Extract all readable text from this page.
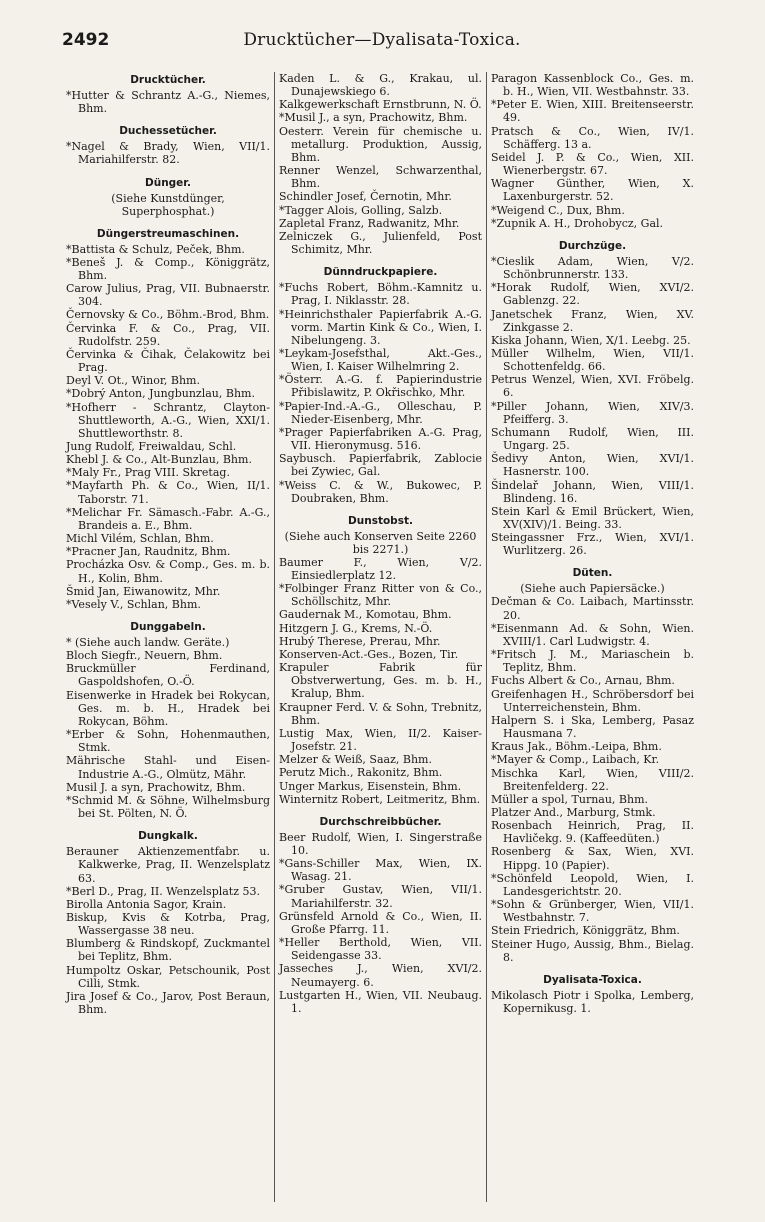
2492	Drucktücher—Dyalisata-Toxica.
Drucktücher.
*Hutter & Schrantz A.-G., Niemes, Bhm.
Duchessetücher.
*Nagel & Brady, Wien, VII/1. Mariahilferstr. 82.
Dünger.
(Siehe Kunstdünger, Superphosphat.)
Düngerstreumaschinen.
*Battista & Schulz, Peček, Bhm.
*Beneš J. & Comp., Königgrätz, Bhm.
Carow Julius, Prag, VII. Bubnaerstr. 304.
Černovsky & Co., Böhm.-Brod, Bhm.
Červinka F. & Co., Prag, VII. Rudolfstr. 259.
Červinka & Čihak, Čelakowitz bei Prag.
Deyl V. Ot., Winor, Bhm.
*Dobrý Anton, Jungbunzlau, Bhm.
*Hofherr - Schrantz, Clayton-Shuttleworth, A.-G., Wien, XXI/1. Shuttleworthstr. 8.
Jung Rudolf, Freiwaldau, Schl.
Khebl J. & Co., Alt-Bunzlau, Bhm.
*Maly Fr., Prag VIII. Skretag.
*Mayfarth Ph. & Co., Wien, II/1. Taborstr. 71.
*Melichar Fr. Sämasch.-Fabr. A.-G., Brandeis a. E., Bhm.
Michl Vilém, Schlan, Bhm.
*Pracner Jan, Raudnitz, Bhm.
Procházka Osv. & Comp., Ges. m. b. H., Kolin, Bhm.
Šmid Jan, Eiwanowitz, Mhr.
*Vesely V., Schlan, Bhm.
Dunggabeln.
* (Siehe auch landw. Geräte.)
Bloch Siegfr., Neuern, Bhm.
Bruckmüller Ferdinand, Gaspoldshofen, O.-Ö.
Eisenwerke in Hradek bei Rokycan, Ges. m. b. H., Hradek bei Rokycan, Böhm.
*Erber & Sohn, Hohenmauthen, Stmk.
Mährische Stahl- und Eisen-Industrie A.-G., Olmütz, Mähr.
Musil J. a syn, Prachowitz, Bhm.
*Schmid M. & Söhne, Wilhelmsburg bei St. Pölten, N. Ö.
Dungkalk.
Berauner Aktienzementfabr. u. Kalkwerke, Prag, II. Wenzelsplatz 63.
*Berl D., Prag, II. Wenzelsplatz 53.
Birolla Antonia Sagor, Krain.
Biskup, Kvis & Kotrba, Prag, Wassergasse 38 neu.
Blumberg & Rindskopf, Zuckmantel bei Teplitz, Bhm.
Humpoltz Oskar, Petschounik, Post Cilli, Stmk.
Jira Josef & Co., Jarov, Post Beraun, Bhm.
Kaden L. & G., Krakau, ul. Dunajewskiego 6.
Kalkgewerkschaft Ernstbrunn, N. Ö.
*Musil J., a syn, Prachowitz, Bhm.
Oesterr. Verein für chemische u. metallurg. Produktion, Aussig, Bhm.
Renner Wenzel, Schwarzenthal, Bhm.
Schindler Josef, Černotin, Mhr.
*Tagger Alois, Golling, Salzb.
Zapletal Franz, Radwanitz, Mhr.
Zelniczek G., Julienfeld, Post Schimitz, Mhr.
Dünndruckpapiere.
*Fuchs Robert, Böhm.-Kamnitz u. Prag, I. Niklasstr. 28.
*Heinrichsthaler Papierfabrik A.-G. vorm. Martin Kink & Co., Wien, I. Nibelungeng. 3.
*Leykam-Josefsthal, Akt.-Ges., Wien, I. Kaiser Wilhelmring 2.
*Österr. A.-G. f. Papierindustrie Přibislawitz, P. Okřischko, Mhr.
*Papier-Ind.-A.-G., Olleschau, P. Nieder-Eisenberg, Mhr.
*Prager Papierfabriken A.-G. Prag, VII. Hieronymusg. 516.
Saybusch. Papierfabrik, Zablocie bei Zywiec, Gal.
*Weiss C. & W., Bukowec, P. Doubraken, Bhm.
Dunstobst.
(Siehe auch Konserven Seite 2260 bis 2271.)
Baumer F., Wien, V/2. Einsiedlerplatz 12.
*Folbinger Franz Ritter von & Co., Schöllschitz, Mhr.
Gaudernak M., Komotau, Bhm.
Hitzgern J. G., Krems, N.-Ö.
Hrubý Therese, Prerau, Mhr.
Konserven-Act.-Ges., Bozen, Tir.
Krapuler Fabrik für Obstverwertung, Ges. m. b. H., Kralup, Bhm.
Kraupner Ferd. V. & Sohn, Trebnitz, Bhm.
Lustig Max, Wien, II/2. Kaiser-Josefstr. 21.
Melzer & Weiß, Saaz, Bhm.
Perutz Mich., Rakonitz, Bhm.
Unger Markus, Eisenstein, Bhm.
Winternitz Robert, Leitmeritz, Bhm.
Durchschreibbücher.
Beer Rudolf, Wien, I. Singerstraße 10.
*Gans-Schiller Max, Wien, IX. Wasag. 21.
*Gruber Gustav, Wien, VII/1. Mariahilferstr. 32.
Grünsfeld Arnold & Co., Wien, II. Große Pfarrg. 11.
*Heller Berthold, Wien, VII. Seidengasse 33.
Jasseches J., Wien, XVI/2. Neumayerg. 6.
Lustgarten H., Wien, VII. Neubaug. 1.
Paragon Kassenblock Co., Ges. m. b. H., Wien, VII. Westbahnstr. 33.
*Peter E. Wien, XIII. Breitenseerstr. 49.
Pratsch & Co., Wien, IV/1. Schäfferg. 13 a.
Seidel J. P. & Co., Wien, XII. Wienerbergstr. 67.
Wagner Günther, Wien, X. Laxenburgerstr. 52.
*Weigend C., Dux, Bhm.
*Zupnik A. H., Drohobycz, Gal.
Durchzüge.
*Cieslik Adam, Wien, V/2. Schönbrunnerstr. 133.
*Horak Rudolf, Wien, XVI/2. Gablenzg. 22.
Janetschek Franz, Wien, XV. Zinkgasse 2.
Kiska Johann, Wien, X/1. Leebg. 25.
Müller Wilhelm, Wien, VII/1. Schottenfeldg. 66.
Petrus Wenzel, Wien, XVI. Fröbelg. 6.
*Piller Johann, Wien, XIV/3. Pfeifferg. 3.
Schumann Rudolf, Wien, III. Ungarg. 25.
Šedivy Anton, Wien, XVI/1. Hasnerstr. 100.
Šindelař Johann, Wien, VIII/1. Blindeng. 16.
Stein Karl & Emil Brückert, Wien, XV(XIV)/1. Being. 33.
Steingassner Frz., Wien, XVI/1. Wurlitzerg. 26.
Düten.
(Siehe auch Papiersäcke.)
Dečman & Co. Laibach, Martinsstr. 20.
*Eisenmann Ad. & Sohn, Wien. XVIII/1. Carl Ludwigstr. 4.
*Fritsch J. M., Mariaschein b. Teplitz, Bhm.
Fuchs Albert & Co., Arnau, Bhm.
Greifenhagen H., Schröbersdorf bei Unterreichenstein, Bhm.
Halpern S. i Ska, Lemberg, Pasaz Hausmana 7.
Kraus Jak., Böhm.-Leipa, Bhm.
*Mayer & Comp., Laibach, Kr.
Mischka Karl, Wien, VIII/2. Breitenfelderg. 22.
Müller a spol, Turnau, Bhm.
Platzer And., Marburg, Stmk.
Rosenbach Heinrich, Prag, II. Havličekg. 9. (Kaffeedüten.)
Rosenberg & Sax, Wien, XVI. Hippg. 10 (Papier).
*Schönfeld Leopold, Wien, I. Landesgerichtstr. 20.
*Sohn & Grünberger, Wien, VII/1. Westbahnstr. 7.
Stein Friedrich, Königgrätz, Bhm.
Steiner Hugo, Aussig, Bhm., Bielag. 8.
Dyalisata-Toxica.
Mikolasch Piotr i Spolka, Lemberg, Kopernikusg. 1.
